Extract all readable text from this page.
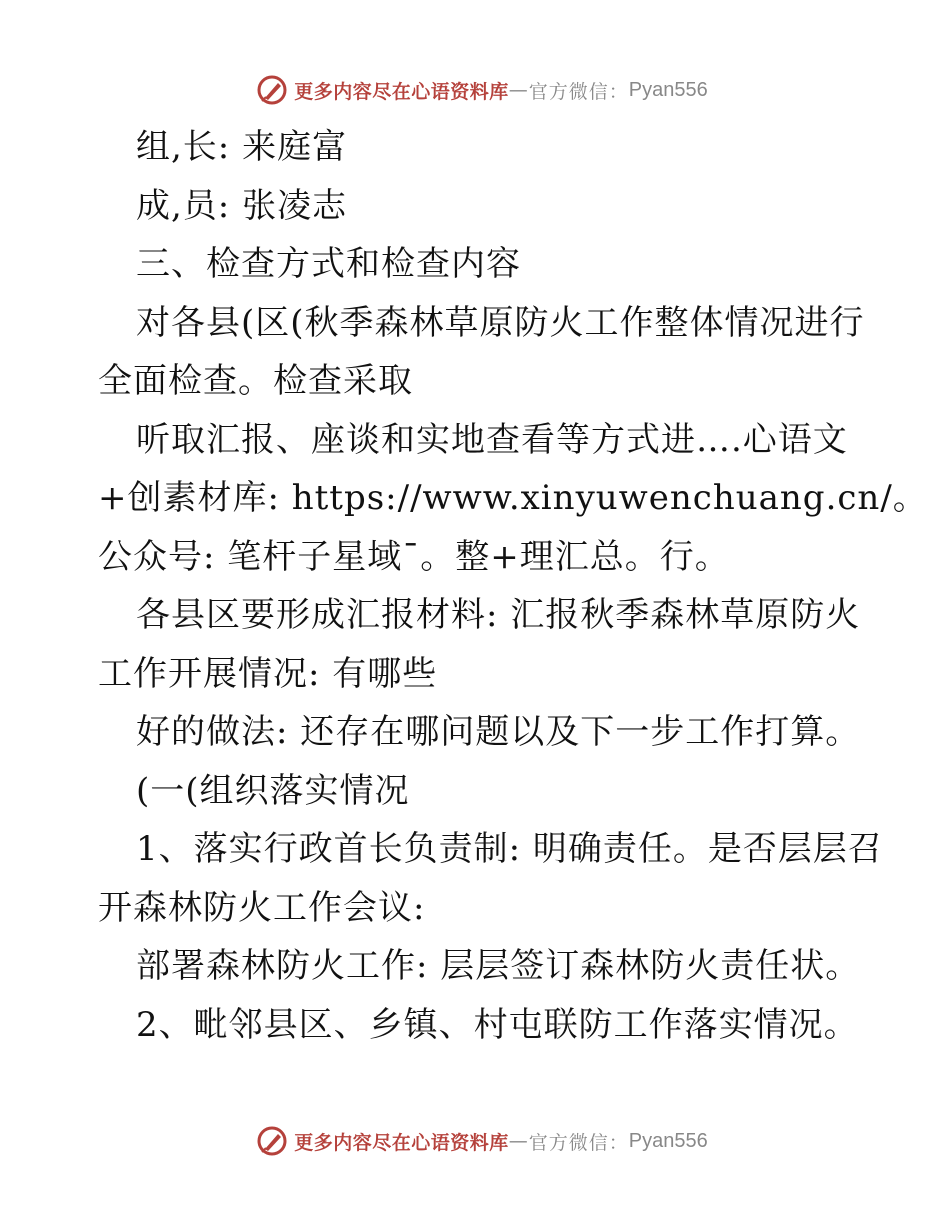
更多内容尽在心语资料库 — 官方微信： Pyan556
组,长: 来庭富
成,员: 张凌志
三、检查方式和检查内容
对各县(区(秋季森林草原防火工作整体情况进行
全面检查。检查采取
听取汇报、座谈和实地查看等方式进….心语文
+创素材库: https://www.xinyuwenchuang.cn/。
公众号: 笔杆子星域¯。整+理汇总。行。
各县区要形成汇报材料: 汇报秋季森林草原防火
工作开展情况: 有哪些
好的做法: 还存在哪问题以及下一步工作打算。
(一(组织落实情况
1、落实行政首长负责制: 明确责任。是否层层召
开森林防火工作会议:
部署森林防火工作: 层层签订森林防火责任状。
2、毗邻县区、乡镇、村屯联防工作落实情况。
更多内容尽在心语资料库 — 官方微信： Pyan556
